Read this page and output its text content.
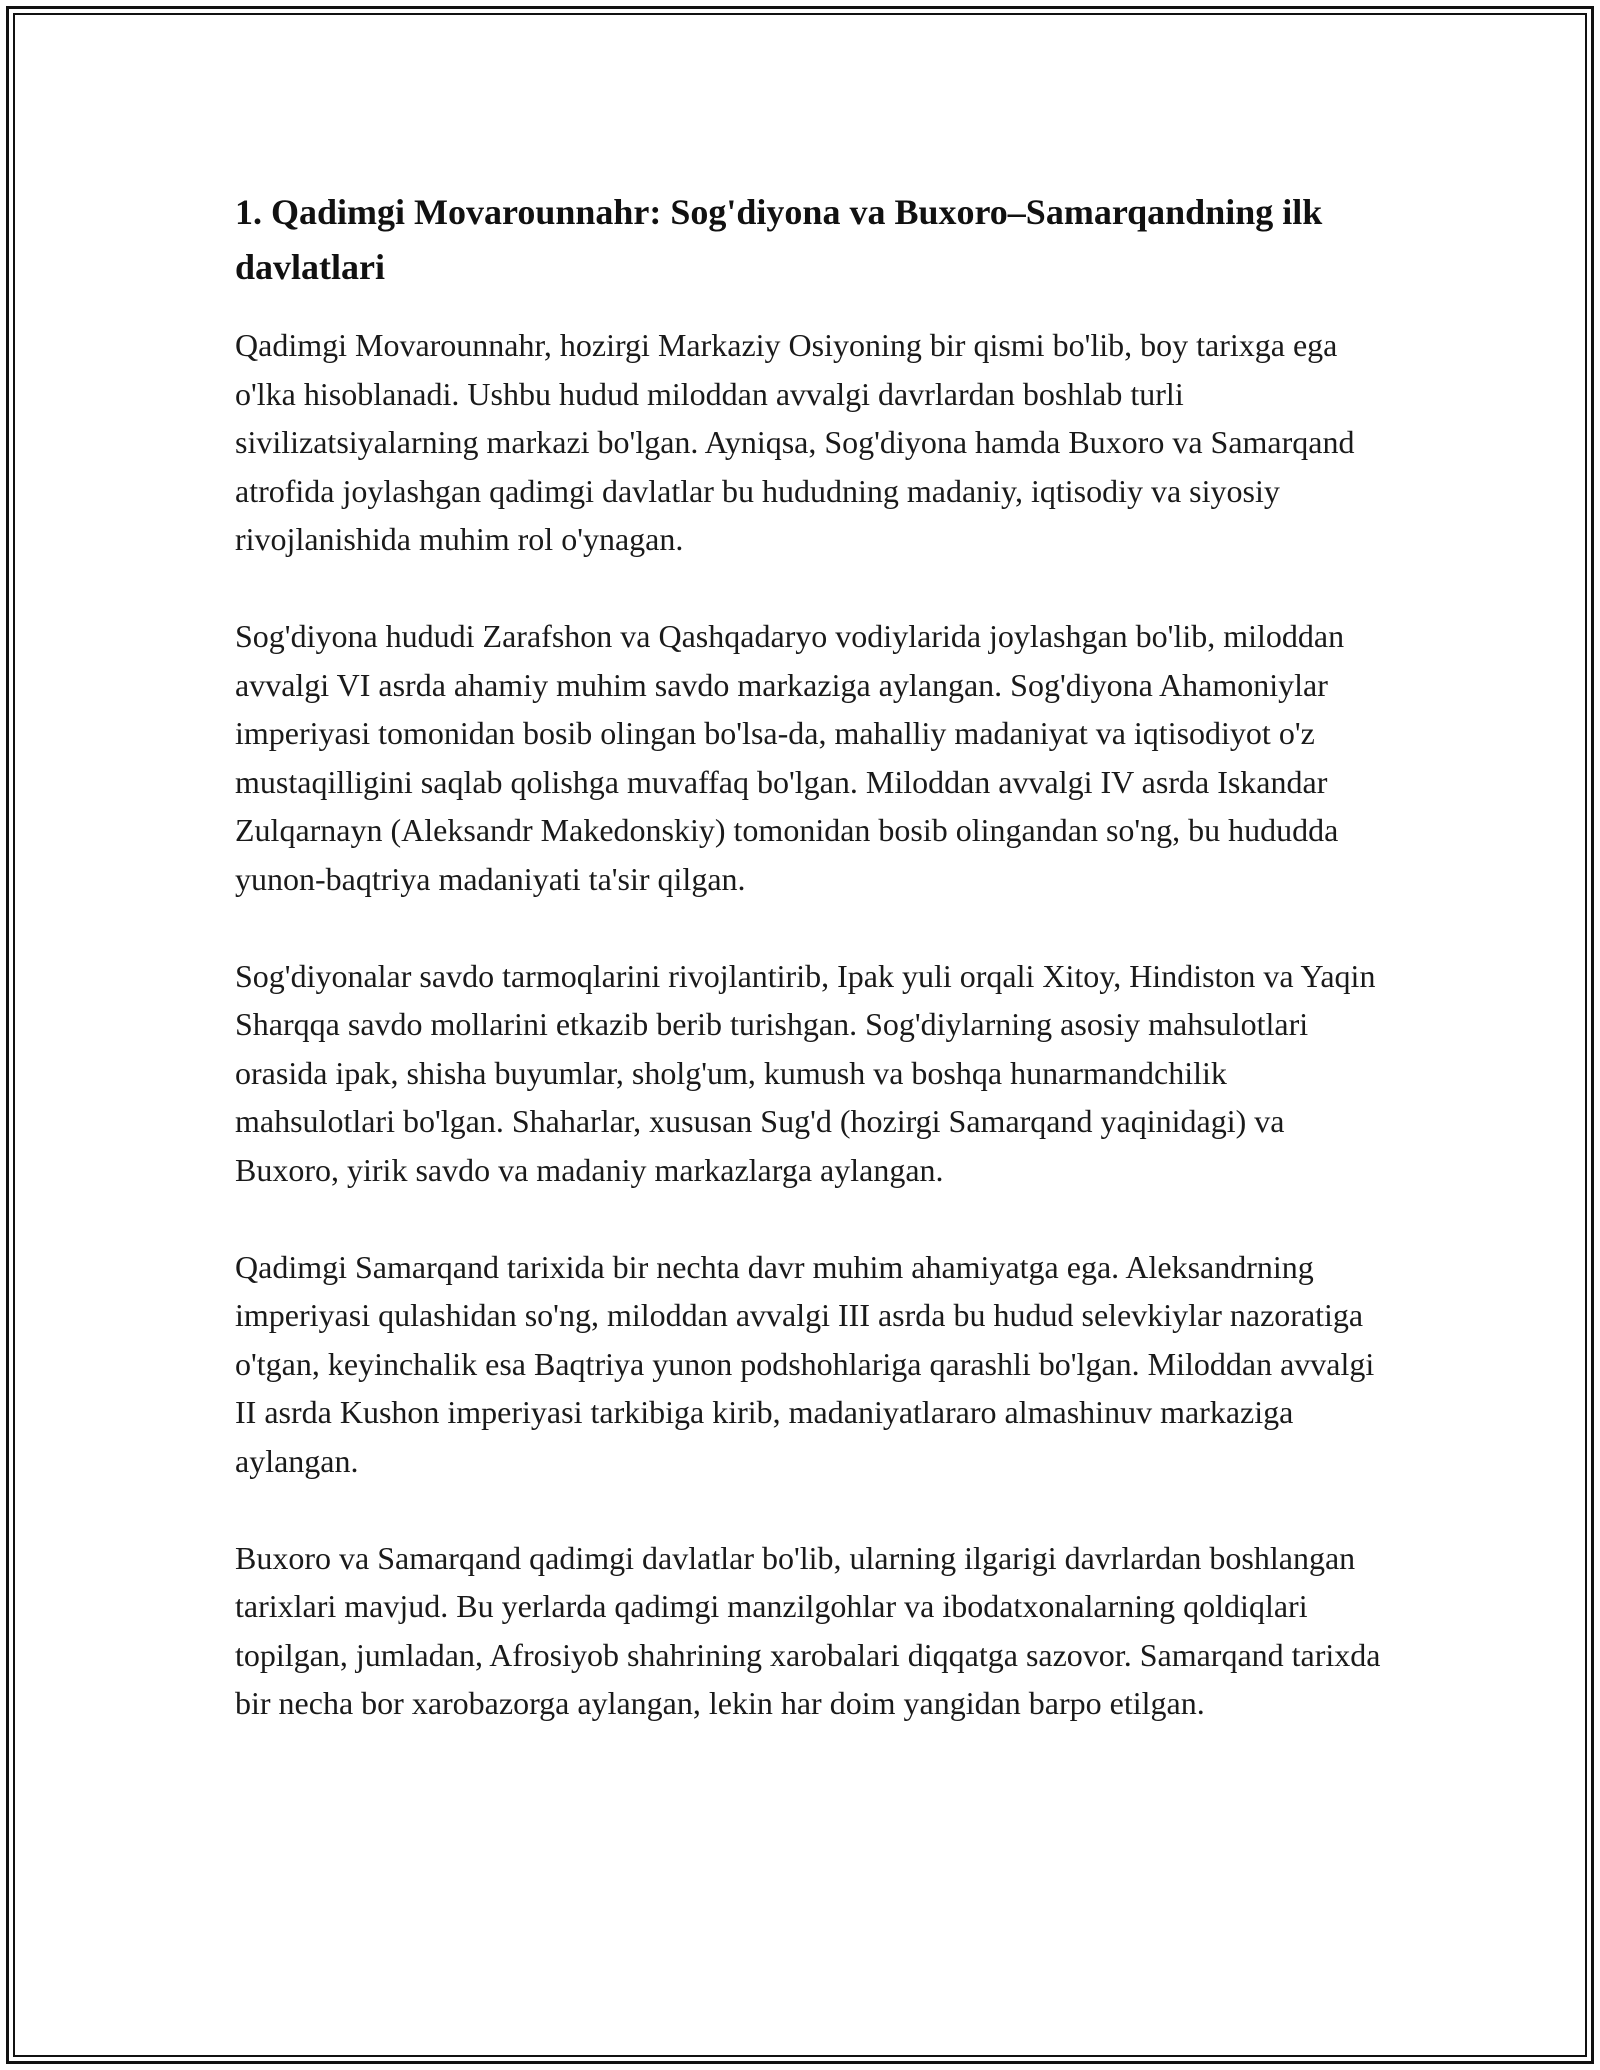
1. Qadimgi Movarounnahr: Sog'diyona va Buxoro–Samarqandning ilk davlatlari

Qadimgi Movarounnahr, hozirgi Markaziy Osiyoning bir qismi bo'lib, boy tarixga ega o'lka hisoblanadi. Ushbu hudud miloddan avvalgi davrlardan boshlab turli sivilizatsiyalarning markazi bo'lgan. Ayniqsa, Sog'diyona hamda Buxoro va Samarqand atrofida joylashgan qadimgi davlatlar bu hududning madaniy, iqtisodiy va siyosiy rivojlanishida muhim rol o'ynagan.

Sog'diyona hududi Zarafshon va Qashqadaryo vodiylarida joylashgan bo'lib, miloddan avvalgi VI asrda ahamiy muhim savdo markaziga aylangan. Sog'diyona Ahamoniylar imperiyasi tomonidan bosib olingan bo'lsa-da, mahalliy madaniyat va iqtisodiyot o'z mustaqilligini saqlab qolishga muvaffaq bo'lgan. Miloddan avvalgi IV asrda Iskandar Zulqarnayn (Aleksandr Makedonskiy) tomonidan bosib olingandan so'ng, bu hududda yunon-baqtriya madaniyati ta'sir qilgan.

Sog'diyonalar savdo tarmoqlarini rivojlantirib, Ipak yuli orqali Xitoy, Hindiston va Yaqin Sharqqa savdo mollarini etkazib berib turishgan. Sog'diylarning asosiy mahsulotlari orasida ipak, shisha buyumlar, sholg'um, kumush va boshqa hunarmandchilik mahsulotlari bo'lgan. Shaharlar, xususan Sug'd (hozirgi Samarqand yaqinidagi) va Buxoro, yirik savdo va madaniy markazlarga aylangan.

Qadimgi Samarqand tarixida bir nechta davr muhim ahamiyatga ega. Aleksandrning imperiyasi qulashidan so'ng, miloddan avvalgi III asrda bu hudud selevkiylar nazoratiga o'tgan, keyinchalik esa Baqtriya yunon podshohlariga qarashli bo'lgan. Miloddan avvalgi II asrda Kushon imperiyasi tarkibiga kirib, madaniyatlararo almashinuv markaziga aylangan.

Buxoro va Samarqand qadimgi davlatlar bo'lib, ularning ilgarigi davrlardan boshlangan tarixlari mavjud. Bu yerlarda qadimgi manzilgohlar va ibodatxonalarning qoldiqlari topilgan, jumladan, Afrosiyob shahrining xarobalari diqqatga sazovor. Samarqand tarixda bir necha bor xarobazorga aylangan, lekin har doim yangidan barpo etilgan.
